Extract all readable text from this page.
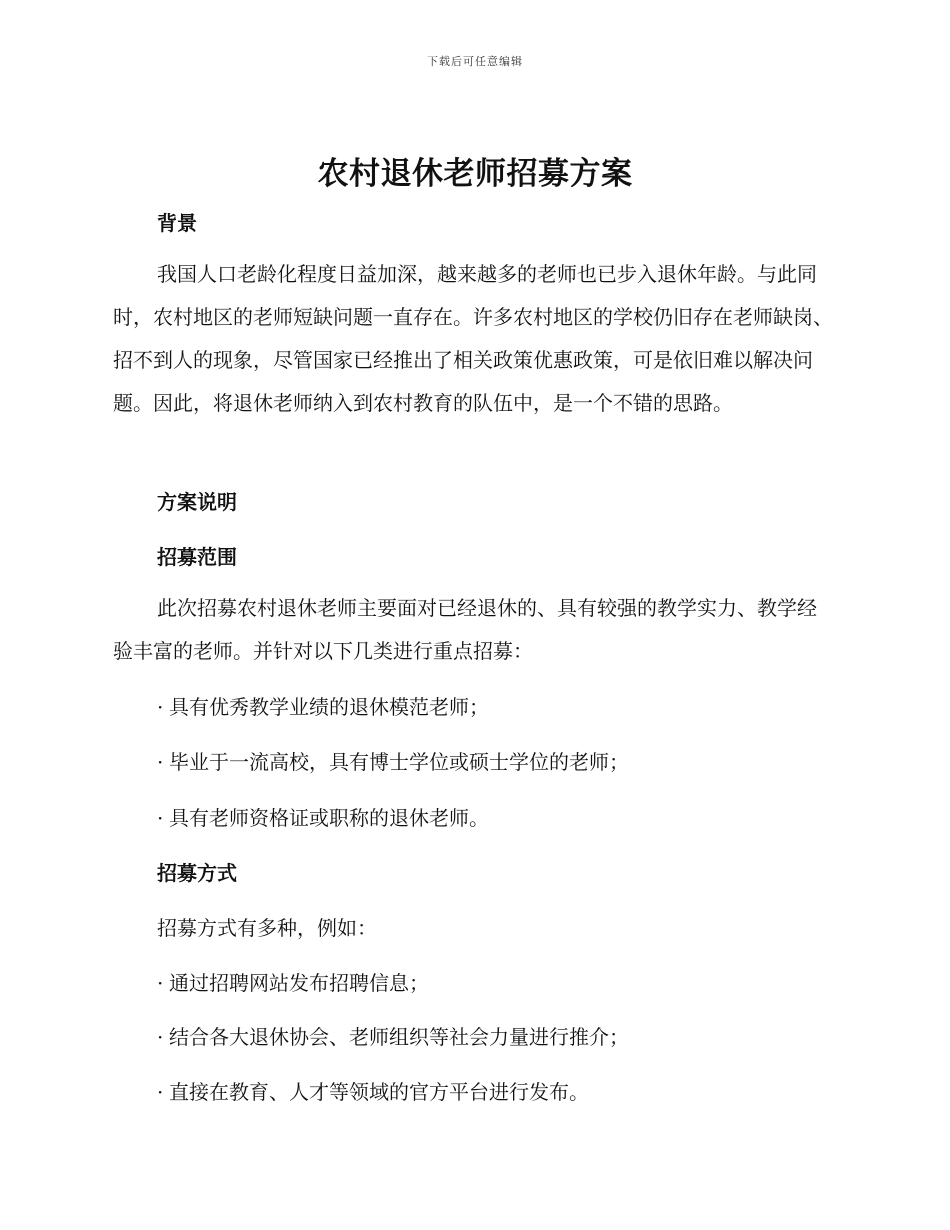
下载后可任意编辑
农村退休老师招募方案
背景

我国人口老龄化程度日益加深，越来越多的老师也已步入退休年龄。与此同时，农村地区的老师短缺问题一直存在。许多农村地区的学校仍旧存在老师缺岗、招不到人的现象，尽管国家已经推出了相关政策优惠政策，可是依旧难以解决问题。因此，将退休老师纳入到农村教育的队伍中，是一个不错的思路。

方案说明
招募范围

此次招募农村退休老师主要面对已经退休的、具有较强的教学实力、教学经验丰富的老师。并针对以下几类进行重点招募：

· 具有优秀教学业绩的退休模范老师；
· 毕业于一流高校，具有博士学位或硕士学位的老师；
· 具有老师资格证或职称的退休老师。
招募方式

招募方式有多种，例如：

· 通过招聘网站发布招聘信息；
· 结合各大退休协会、老师组织等社会力量进行推介；
· 直接在教育、人才等领域的官方平台进行发布。
